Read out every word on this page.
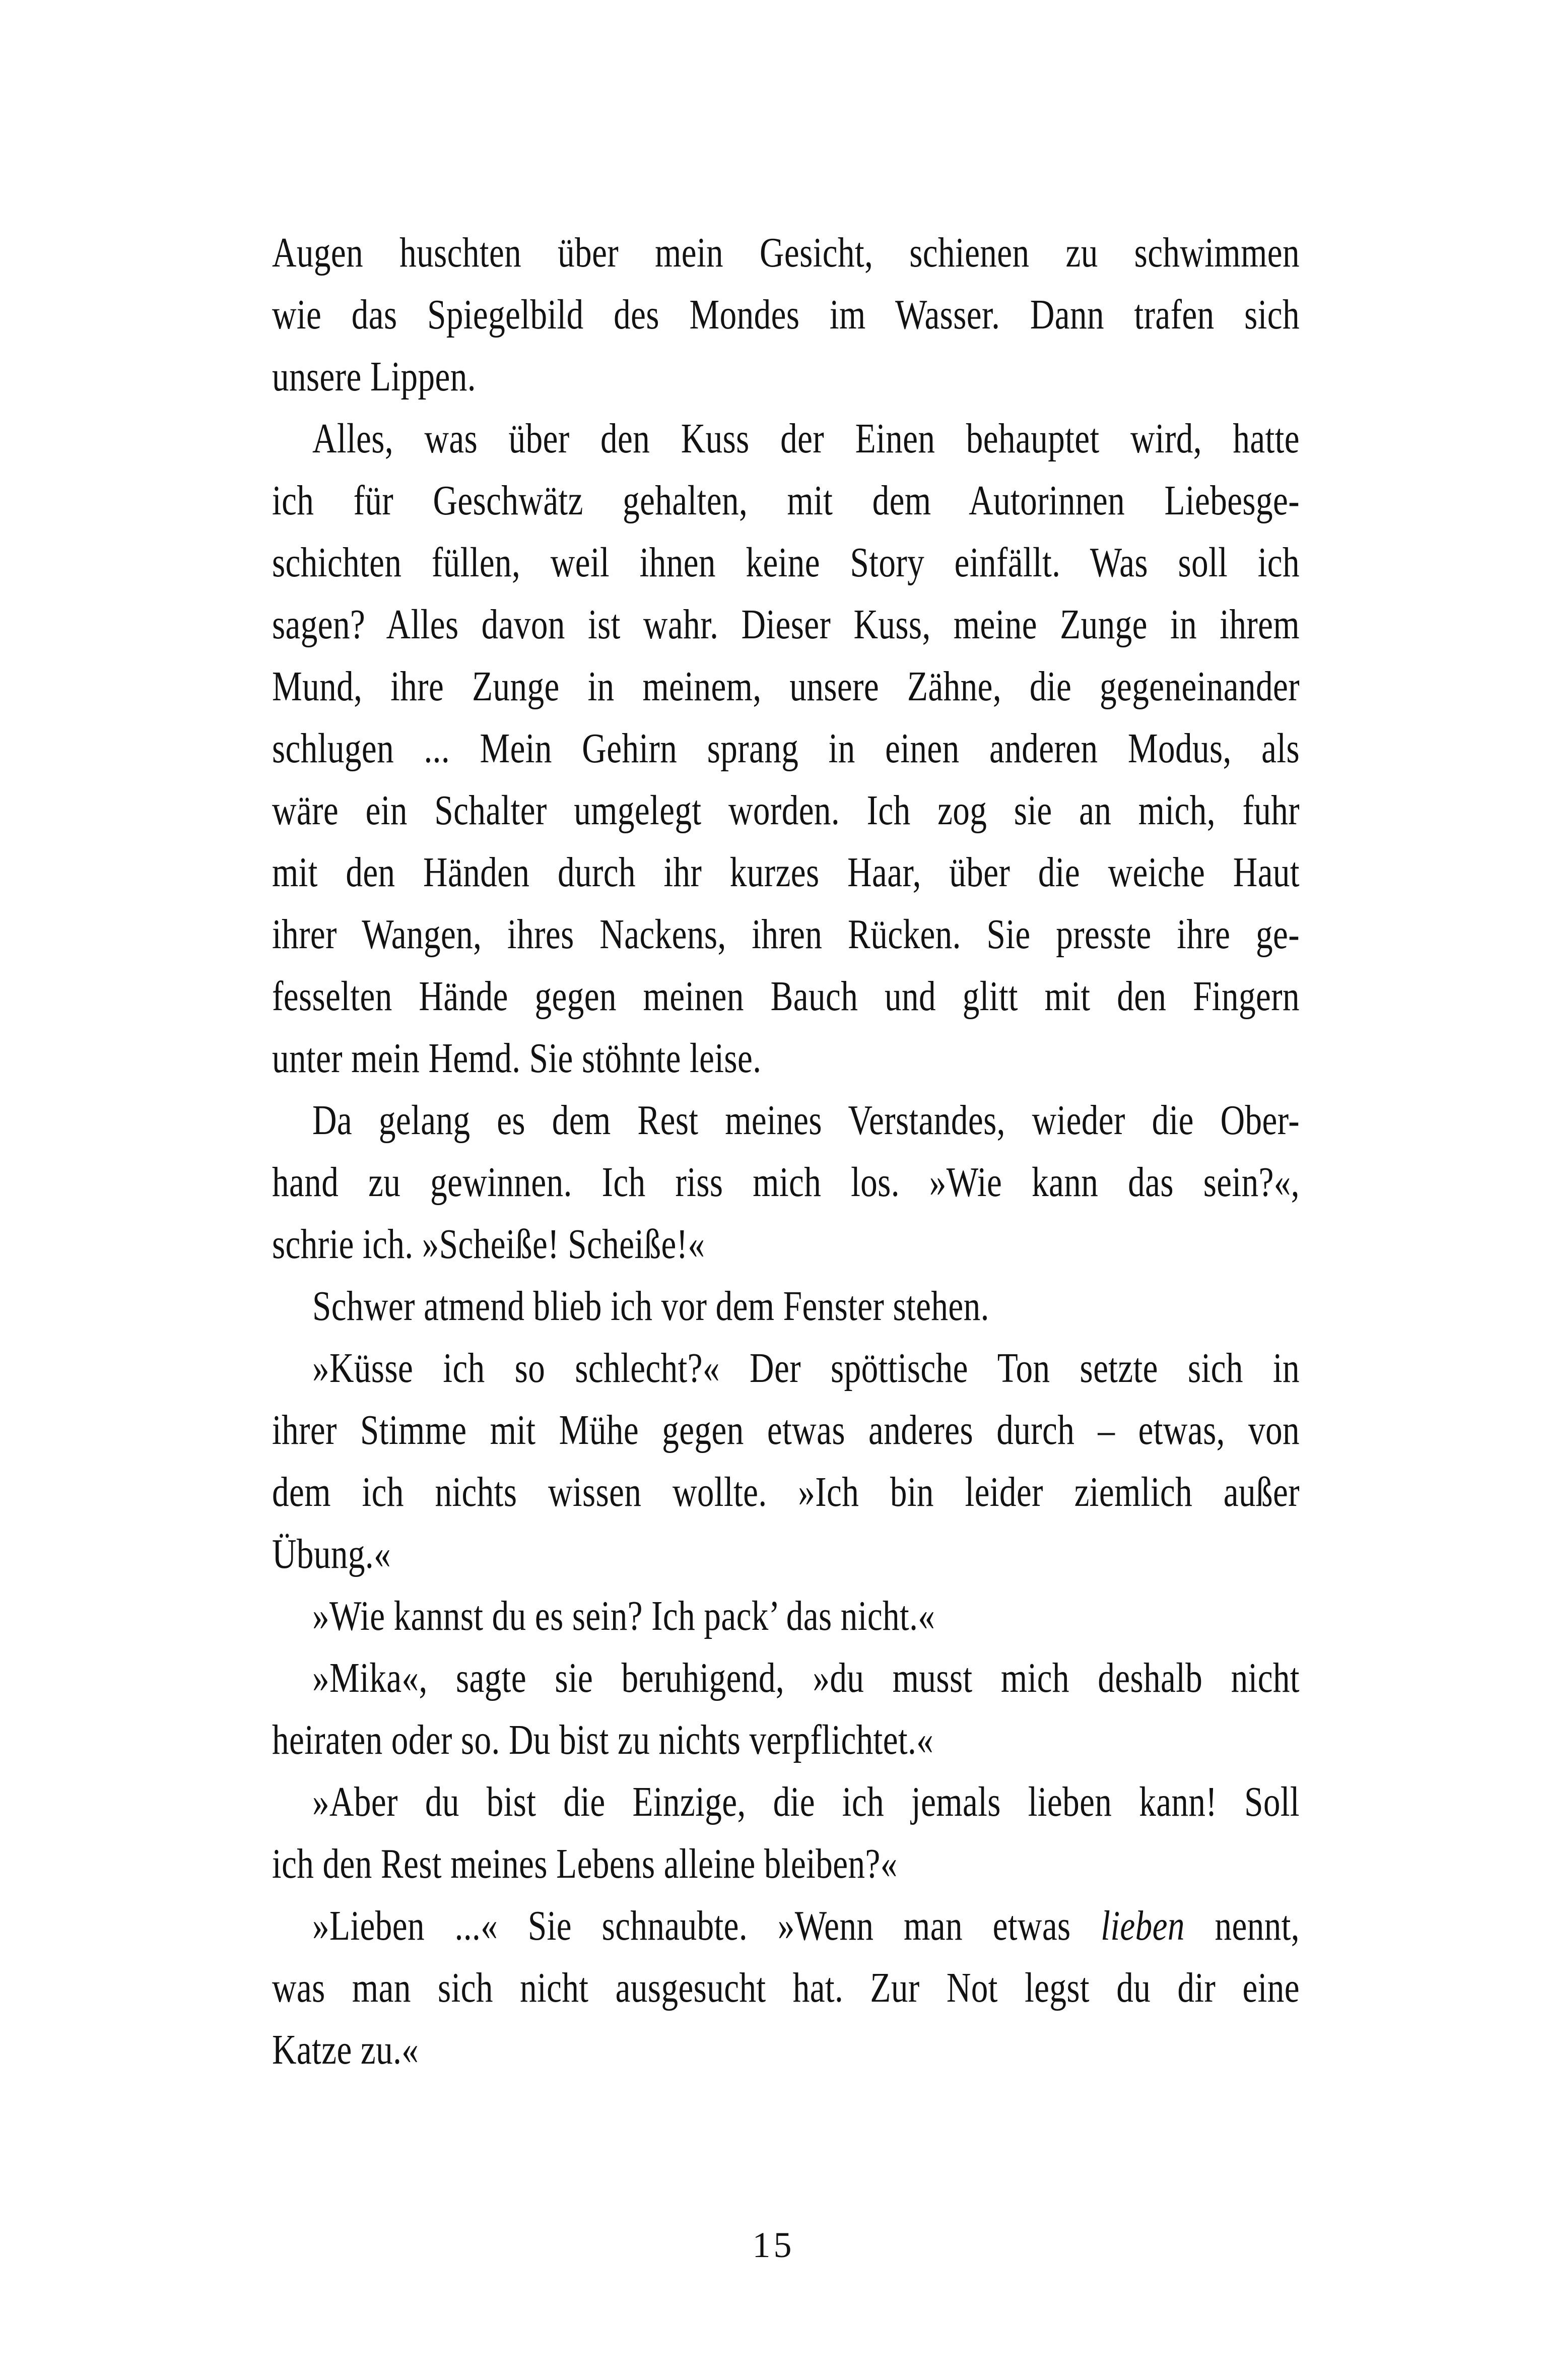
Augen huschten über mein Gesicht, schienen zu schwimmen
wie das Spiegelbild des Mondes im Wasser. Dann trafen sich
unsere Lippen.
Alles, was über den Kuss der Einen behauptet wird, hatte
ich für Geschwätz gehalten, mit dem Autorinnen Liebesge-
schichten füllen, weil ihnen keine Story einfällt. Was soll ich
sagen? Alles davon ist wahr. Dieser Kuss, meine Zunge in ihrem
Mund, ihre Zunge in meinem, unsere Zähne, die gegeneinander
schlugen ... Mein Gehirn sprang in einen anderen Modus, als
wäre ein Schalter umgelegt worden. Ich zog sie an mich, fuhr
mit den Händen durch ihr kurzes Haar, über die weiche Haut
ihrer Wangen, ihres Nackens, ihren Rücken. Sie presste ihre ge-
fesselten Hände gegen meinen Bauch und glitt mit den Fingern
unter mein Hemd. Sie stöhnte leise.
Da gelang es dem Rest meines Verstandes, wieder die Ober-
hand zu gewinnen. Ich riss mich los. »Wie kann das sein?«,
schrie ich. »Scheiße! Scheiße!«
Schwer atmend blieb ich vor dem Fenster stehen.
»Küsse ich so schlecht?« Der spöttische Ton setzte sich in
ihrer Stimme mit Mühe gegen etwas anderes durch – etwas, von
dem ich nichts wissen wollte. »Ich bin leider ziemlich außer
Übung.«
»Wie kannst du es sein? Ich pack’ das nicht.«
»Mika«, sagte sie beruhigend, »du musst mich deshalb nicht
heiraten oder so. Du bist zu nichts verpflichtet.«
»Aber du bist die Einzige, die ich jemals lieben kann! Soll
ich den Rest meines Lebens alleine bleiben?«
»Lieben ...« Sie schnaubte. »Wenn man etwas lieben nennt,
was man sich nicht ausgesucht hat. Zur Not legst du dir eine
Katze zu.«
15
